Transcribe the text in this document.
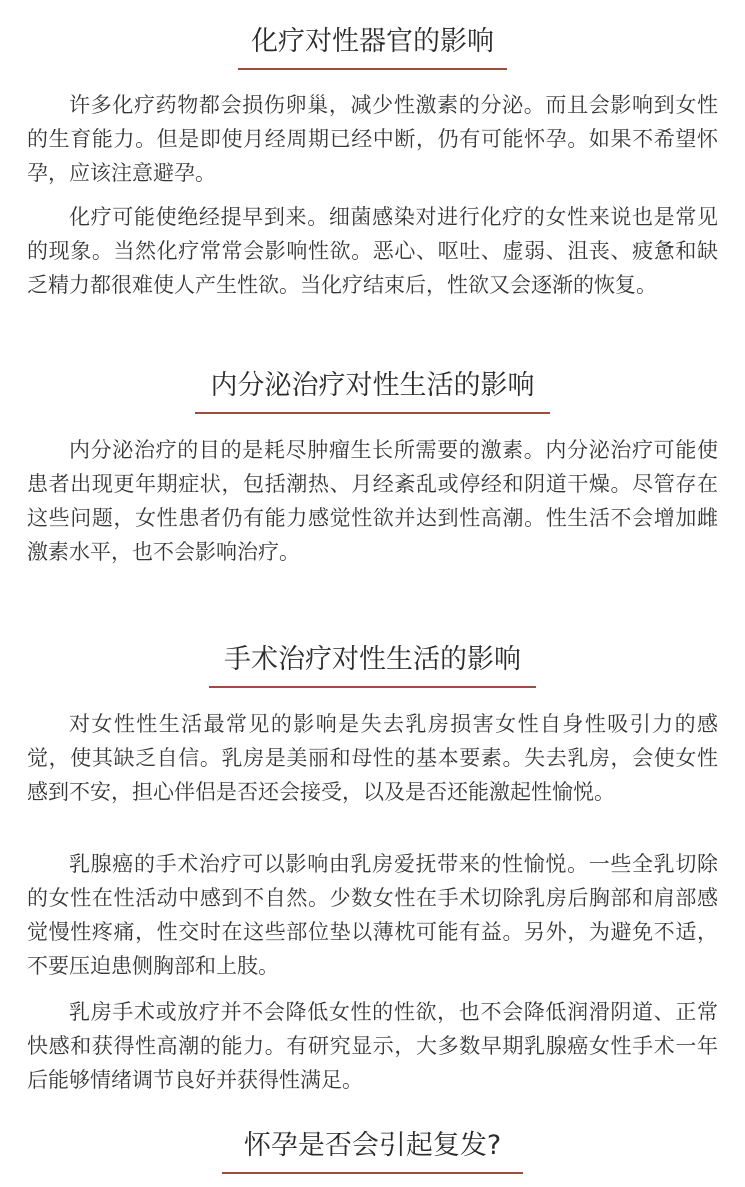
化疗对性器官的影响

许多化疗药物都会损伤卵巢，减少性激素的分泌。而且会影响到女性的生育能力。但是即使月经周期已经中断，仍有可能怀孕。如果不希望怀孕，应该注意避孕。

化疗可能使绝经提早到来。细菌感染对进行化疗的女性来说也是常见的现象。当然化疗常常会影响性欲。恶心、呕吐、虚弱、沮丧、疲惫和缺乏精力都很难使人产生性欲。当化疗结束后，性欲又会逐渐的恢复。

内分泌治疗对性生活的影响

内分泌治疗的目的是耗尽肿瘤生长所需要的激素。内分泌治疗可能使患者出现更年期症状，包括潮热、月经紊乱或停经和阴道干燥。尽管存在这些问题，女性患者仍有能力感觉性欲并达到性高潮。性生活不会增加雌激素水平，也不会影响治疗。

手术治疗对性生活的影响

对女性性生活最常见的影响是失去乳房损害女性自身性吸引力的感觉，使其缺乏自信。乳房是美丽和母性的基本要素。失去乳房，会使女性感到不安，担心伴侣是否还会接受，以及是否还能激起性愉悦。

乳腺癌的手术治疗可以影响由乳房爱抚带来的性愉悦。一些全乳切除的女性在性活动中感到不自然。少数女性在手术切除乳房后胸部和肩部感觉慢性疼痛，性交时在这些部位垫以薄枕可能有益。另外，为避免不适，不要压迫患侧胸部和上肢。

乳房手术或放疗并不会降低女性的性欲，也不会降低润滑阴道、正常快感和获得性高潮的能力。有研究显示，大多数早期乳腺癌女性手术一年后能够情绪调节良好并获得性满足。

怀孕是否会引起复发?
